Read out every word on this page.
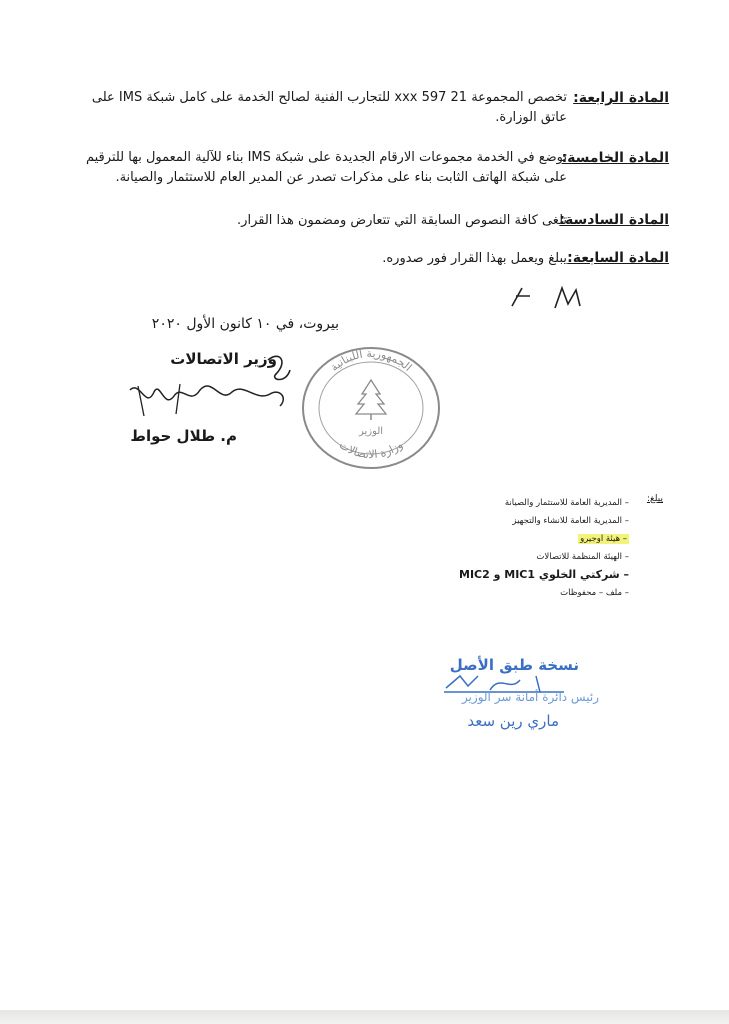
المادة الرابعة:
تخصص المجموعة xxx 597 21 للتجارب الفنية لصالح الخدمة على كامل شبكة IMS على عاتق الوزارة.
المادة الخامسة:
توضع في الخدمة مجموعات الارقام الجديدة على شبكة IMS بناء للآلية المعمول بها للترقيم على شبكة الهاتف الثابت بناء على مذكرات تصدر عن المدير العام للاستثمار والصيانة.
المادة السادسة:
تلغى كافة النصوص السابقة التي تتعارض ومضمون هذا القرار.
المادة السابعة:
يبلغ ويعمل بهذا القرار فور صدوره.
بيروت، في ١٠ كانون الأول ٢٠٢٠
وزير الاتصالات
م. طلال حواط
الجمهورية اللبنانية
وزارة الاتصالات
الوزير
يبلغ:
– المديرية العامة للاستثمار والصيانة
– المديرية العامة للانشاء والتجهيز
– هيئة اوجيرو
– الهيئة المنظمة للاتصالات
– شركتي الخلوي MIC1 و MIC2
– ملف – محفوظات
نسخة طبق الأصل
رئيس دائرة أمانة سر الوزير
ماري رين سعد
